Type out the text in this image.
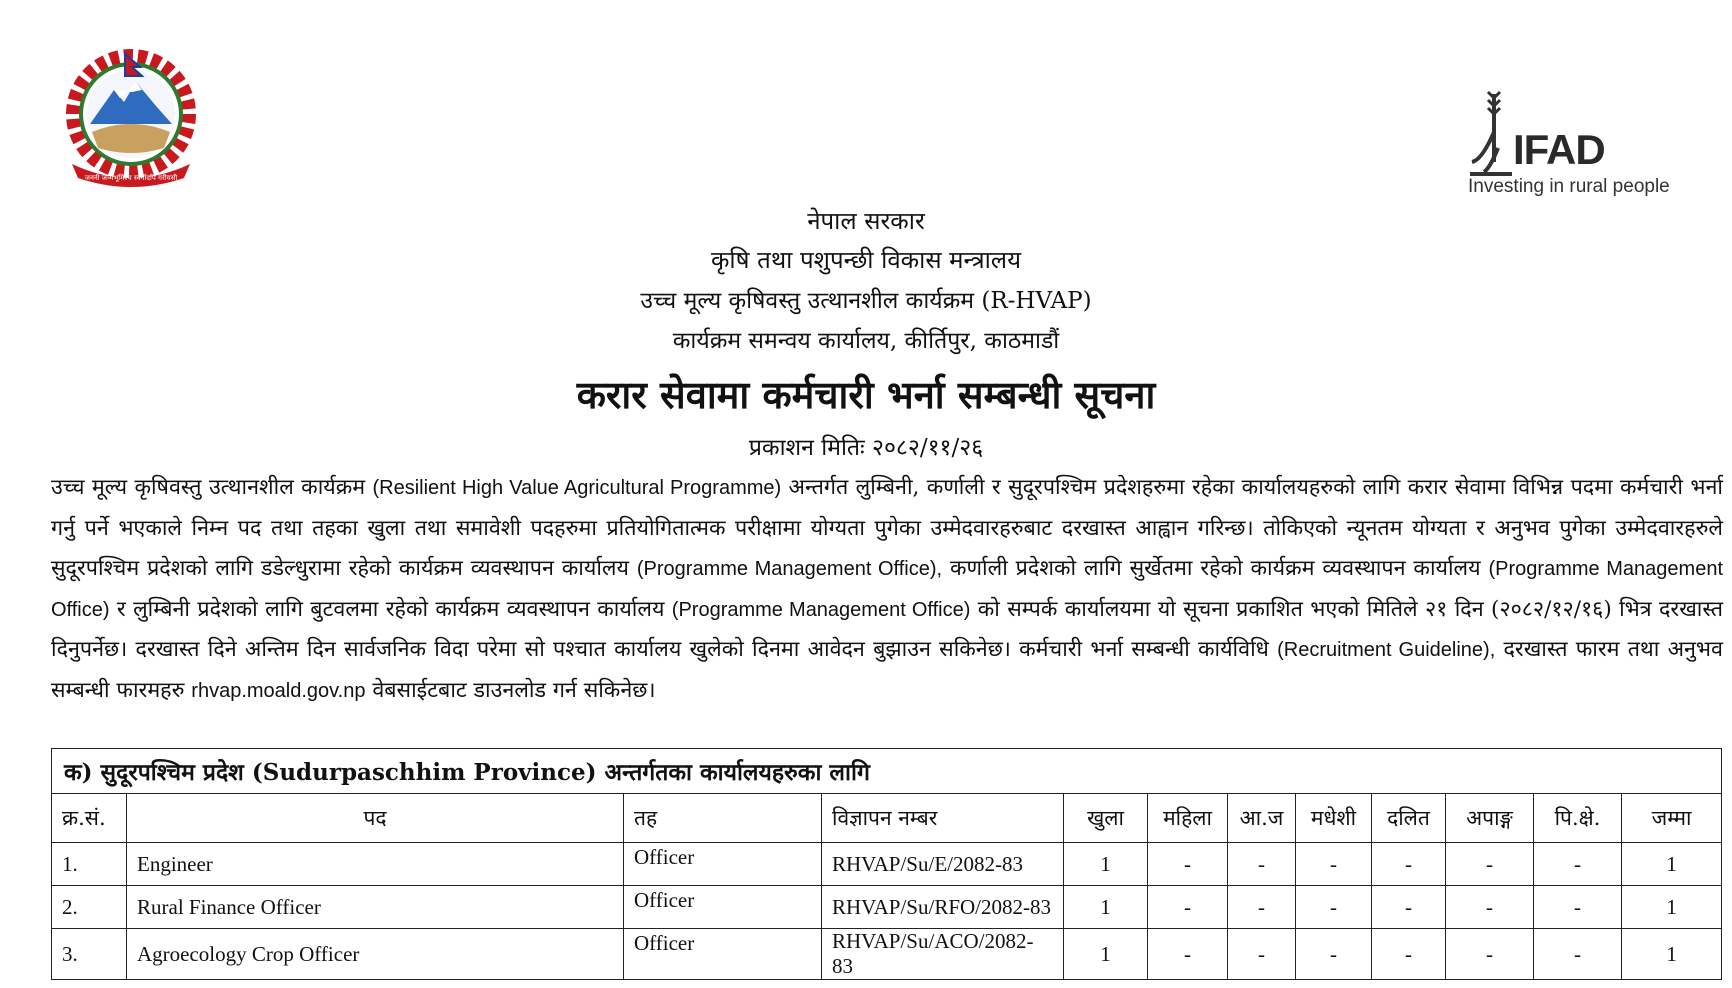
जननी जन्मभूमिश्च स्वर्गादपि गरीयसी
IFAD
Investing in rural people
नेपाल सरकार
कृषि तथा पशुपन्छी विकास मन्त्रालय
उच्च मूल्य कृषिवस्तु उत्थानशील कार्यक्रम (R-HVAP)
कार्यक्रम समन्वय कार्यालय, कीर्तिपुर, काठमाडौं
करार सेवामा कर्मचारी भर्ना सम्बन्धी सूचना
प्रकाशन मितिः २०८२/११/२६
उच्च मूल्य कृषिवस्तु उत्थानशील कार्यक्रम (Resilient High Value Agricultural Programme) अन्तर्गत लुम्बिनी, कर्णाली र सुदूरपश्चिम प्रदेशहरुमा रहेका कार्यालयहरुको लागि करार सेवामा विभिन्न पदमा कर्मचारी भर्ना गर्नु पर्ने भएकाले निम्न पद तथा तहका खुला तथा समावेशी पदहरुमा प्रतियोगितात्मक परीक्षामा योग्यता पुगेका उम्मेदवारहरुबाट दरखास्त आह्वान गरिन्छ। तोकिएको न्यूनतम योग्यता र अनुभव पुगेका उम्मेदवारहरुले सुदूरपश्चिम प्रदेशको लागि डडेल्धुरामा रहेको कार्यक्रम व्यवस्थापन कार्यालय (Programme Management Office), कर्णाली प्रदेशको लागि सुर्खेतमा रहेको कार्यक्रम व्यवस्थापन कार्यालय (Programme Management Office) र लुम्बिनी प्रदेशको लागि बुटवलमा रहेको कार्यक्रम व्यवस्थापन कार्यालय (Programme Management Office) को सम्पर्क कार्यालयमा यो सूचना प्रकाशित भएको मितिले २१ दिन (२०८२/१२/१६) भित्र दरखास्त दिनुपर्नेछ। दरखास्त दिने अन्तिम दिन सार्वजनिक विदा परेमा सो पश्चात कार्यालय खुलेको दिनमा आवेदन बुझाउन सकिनेछ। कर्मचारी भर्ना सम्बन्धी कार्यविधि (Recruitment Guideline), दरखास्त फारम तथा अनुभव सम्बन्धी फारमहरु rhvap.moald.gov.np वेबसाईटबाट डाउनलोड गर्न सकिनेछ।
क) सुदूरपश्चिम प्रदेश (Sudurpaschhim Province) अन्तर्गतका कार्यालयहरुका लागि											
क्र.सं.	पद	तह	विज्ञापन नम्बर	खुला	महिला	आ.ज	मधेशी	दलित	अपाङ्ग	पि.क्षे.	जम्मा
1.	Engineer	Officer	RHVAP/Su/E/2082-83	1	-	-	-	-	-	-	1
2.	Rural Finance Officer	Officer	RHVAP/Su/RFO/2082-83	1	-	-	-	-	-	-	1
3.	Agroecology Crop Officer	Officer	RHVAP/Su/ACO/2082-83	1	-	-	-	-	-	-	1
